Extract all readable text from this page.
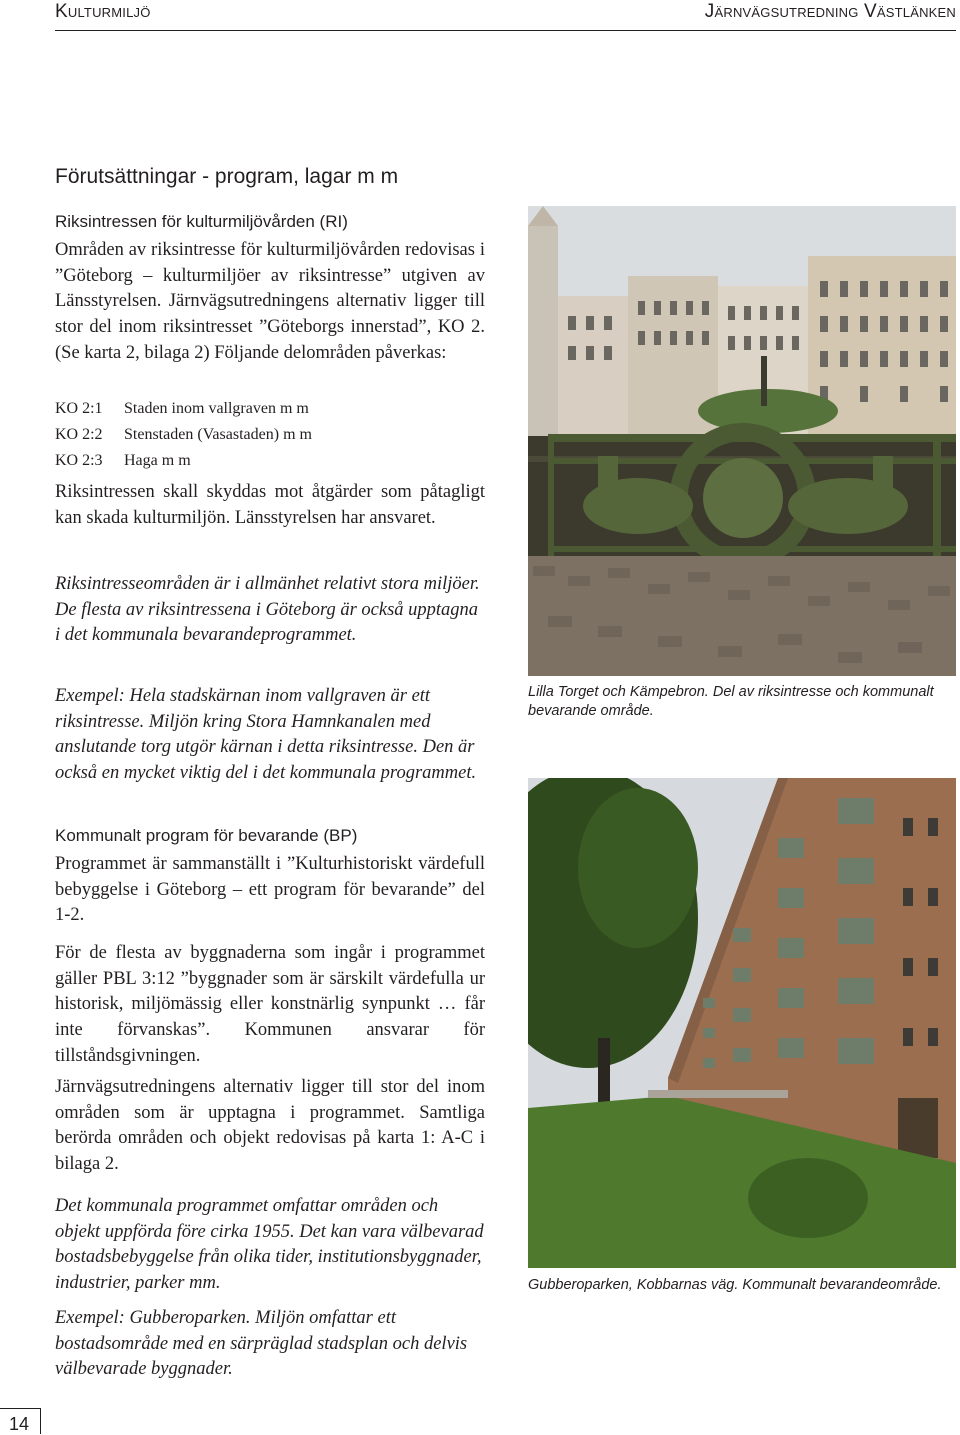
Kulturmiljö	Järnvägsutredning Västlänken
Förutsättningar - program, lagar m m
Riksintressen för kulturmiljövården (RI)

Områden av riksintresse för kulturmiljövården redovisas i ”Göteborg – kulturmiljöer av riksintresse” utgiven av Länsstyrelsen. Järnvägsutredningens alternativ ligger till stor del inom riksintresset ”Göteborgs innerstad”, KO 2. (Se karta 2, bilaga 2) Följande delområden påverkas:

KO 2:1	Staden inom vallgraven m m
KO 2:2	Stenstaden (Vasastaden) m m
KO 2:3	Haga m m

Riksintressen skall skyddas mot åtgärder som påtagligt kan skada kulturmiljön. Länsstyrelsen har ansvaret.

Riksintresseområden är i allmänhet relativt stora miljöer. De flesta av riksintressena i Göteborg är också upptagna i det kommunala bevarandeprogrammet.

Exempel: Hela stadskärnan inom vallgraven är ett riksintresse. Miljön kring Stora Hamnkanalen med anslutande torg utgör kärnan i detta riksintresse. Den är också en mycket viktig del i det kommunala programmet.

Kommunalt program för bevarande (BP)

Programmet är sammanställt i ”Kulturhistoriskt värdefull bebyggelse i Göteborg – ett program för bevarande” del 1-2.

För de flesta av byggnaderna som ingår i programmet gäller PBL 3:12 ”byggnader som är särskilt värdefulla ur historisk, miljömässig eller konstnärlig synpunkt … får inte förvanskas”. Kommunen ansvarar för tillståndsgivningen.

Järnvägsutredningens alternativ ligger till stor del inom områden som är upptagna i programmet. Samtliga berörda områden och objekt redovisas på karta 1: A-C i bilaga 2.

Det kommunala programmet omfattar områden och objekt uppförda före cirka 1955. Det kan vara välbevarad bostadsbebyggelse från olika tider, institutionsbyggnader, industrier, parker mm.

Exempel: Gubberoparken. Miljön omfattar ett bostadsområde med en särpräglad stadsplan och delvis välbevarade byggnader.

Lilla Torget och Kämpebron. Del av riksintresse och kommunalt bevarande område.
Gubberoparken, Kobbarnas väg. Kommunalt bevarandeområde.
14
